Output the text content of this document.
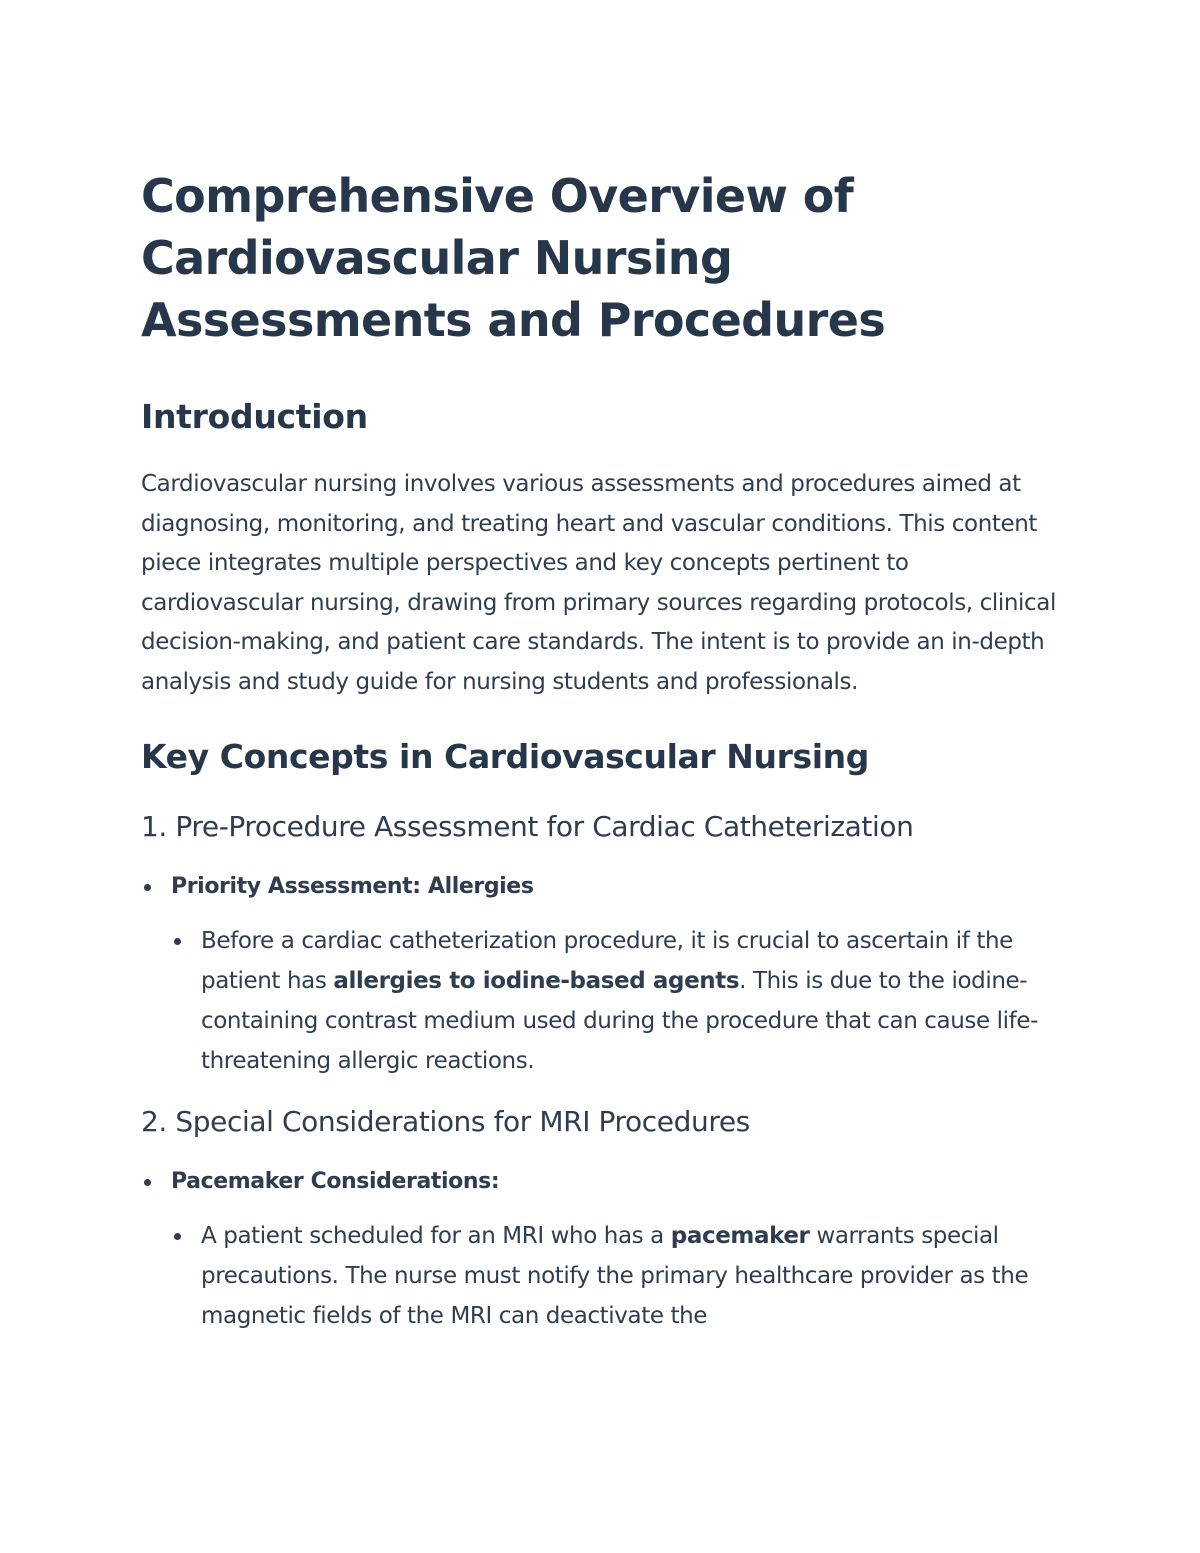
Comprehensive Overview of Cardiovascular Nursing Assessments and Procedures
Introduction

Cardiovascular nursing involves various assessments and procedures aimed at diagnosing, monitoring, and treating heart and vascular conditions. This content piece integrates multiple perspectives and key concepts pertinent to cardiovascular nursing, drawing from primary sources regarding protocols, clinical decision-making, and patient care standards. The intent is to provide an in-depth analysis and study guide for nursing students and professionals.

Key Concepts in Cardiovascular Nursing
1. Pre-Procedure Assessment for Cardiac Catheterization
Priority Assessment: Allergies
Before a cardiac catheterization procedure, it is crucial to ascertain if the patient has allergies to iodine-based agents. This is due to the iodine-containing contrast medium used during the procedure that can cause life-threatening allergic reactions.
2. Special Considerations for MRI Procedures
Pacemaker Considerations:
A patient scheduled for an MRI who has a pacemaker warrants special precautions. The nurse must notify the primary healthcare provider as the magnetic fields of the MRI can deactivate the
